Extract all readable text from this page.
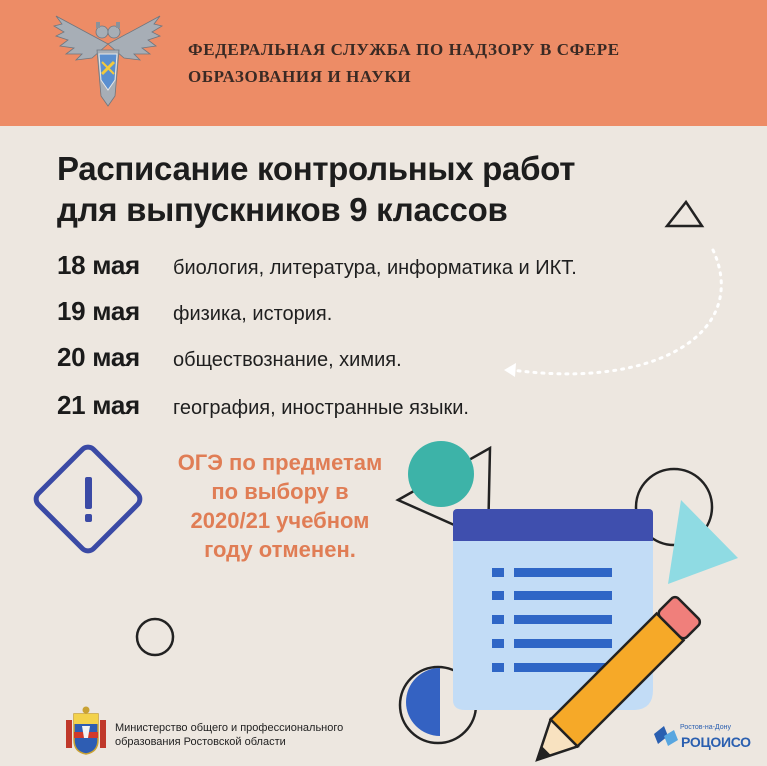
ФЕДЕРАЛЬНАЯ СЛУЖБА ПО НАДЗОРУ В СФЕРЕ
ОБРАЗОВАНИЯ И НАУКИ
Расписание контрольных работ
для выпускников 9 классов
18 мая биология, литература, информатика и ИКТ.
19 мая физика, история.
20 мая обществознание, химия.
21 мая география, иностранные языки.
ОГЭ по предметам
по выбору в
2020/21 учебном
году отменен.
Министерство общего и профессионального
образования Ростовской области
Ростов-на-Дону
РОЦОИСО
